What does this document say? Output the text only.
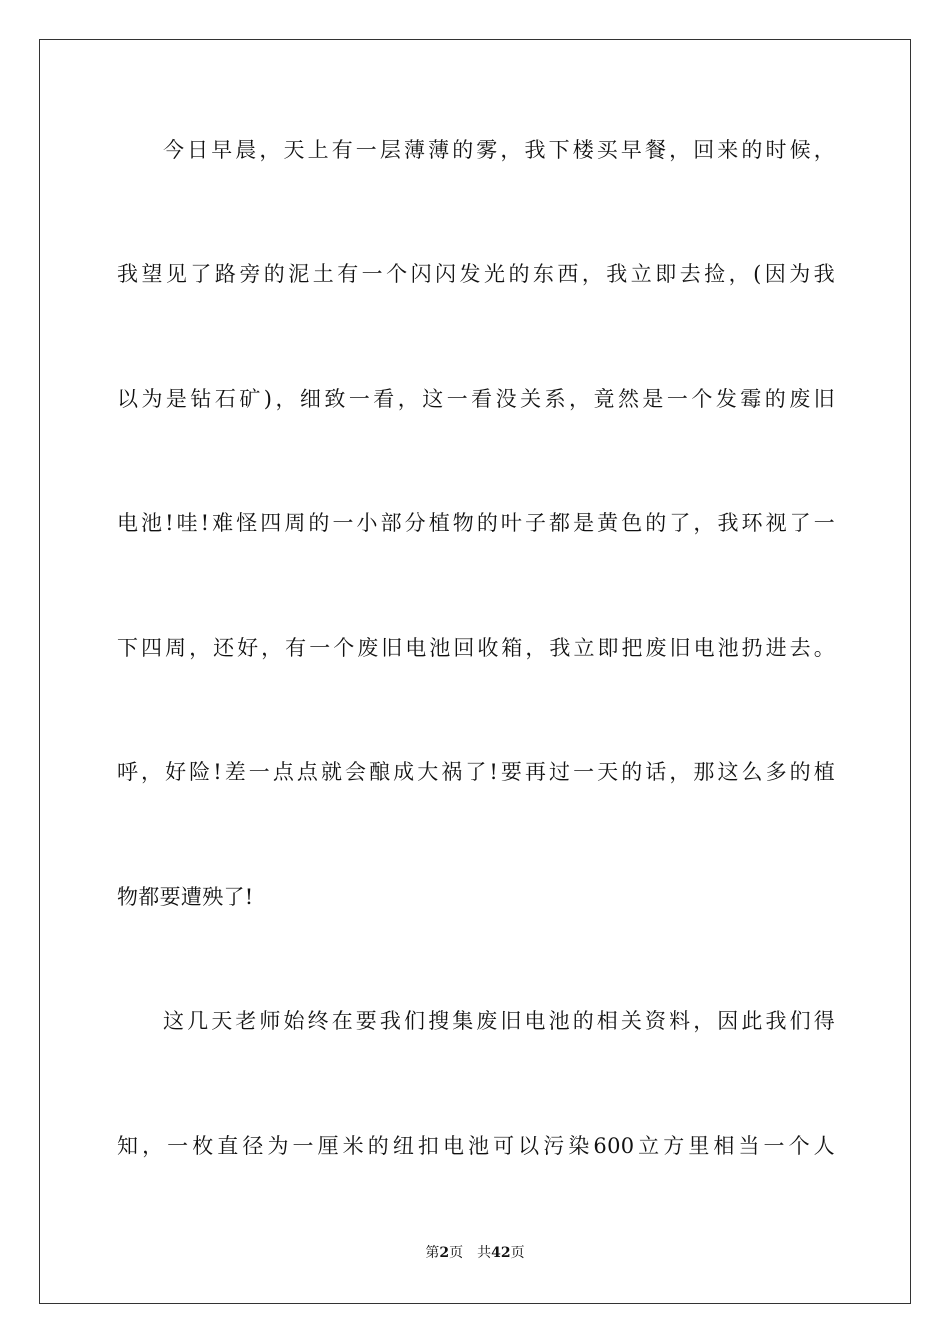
今日早晨，天上有一层薄薄的雾，我下楼买早餐，回来的时候，
我望见了路旁的泥土有一个闪闪发光的东西，我立即去捡，(因为我
以为是钻石矿)，细致一看，这一看没关系，竟然是一个发霉的废旧
电池!哇!难怪四周的一小部分植物的叶子都是黄色的了，我环视了一
下四周，还好，有一个废旧电池回收箱，我立即把废旧电池扔进去。
呼，好险!差一点点就会酿成大祸了!要再过一天的话，那这么多的植
物都要遭殃了!
这几天老师始终在要我们搜集废旧电池的相关资料，因此我们得
知，一枚直径为一厘米的纽扣电池可以污染600立方里相当一个人
第2页 共42页
